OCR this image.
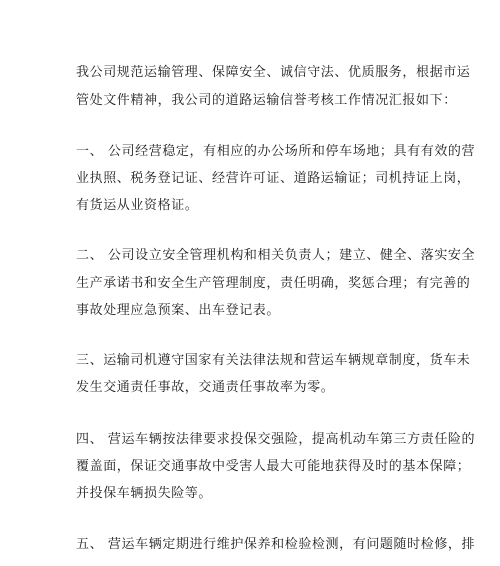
我公司规范运输管理、保障安全、诚信守法、优质服务，根据市运
管处文件精神，我公司的道路运输信誉考核工作情况汇报如下：
一、 公司经营稳定，有相应的办公场所和停车场地；具有有效的营
业执照、税务登记证、经营许可证、道路运输证；司机持证上岗，
有货运从业资格证。
二、 公司设立安全管理机构和相关负责人；建立、健全、落实安全
生产承诺书和安全生产管理制度，责任明确，奖惩合理；有完善的
事故处理应急预案、出车登记表。
三、运输司机遵守国家有关法律法规和营运车辆规章制度，货车未
发生交通责任事故，交通责任事故率为零。
四、 营运车辆按法律要求投保交强险，提高机动车第三方责任险的
覆盖面，保证交通事故中受害人最大可能地获得及时的基本保障；
并投保车辆损失险等。
五、 营运车辆定期进行维护保养和检验检测，有问题随时检修，排
